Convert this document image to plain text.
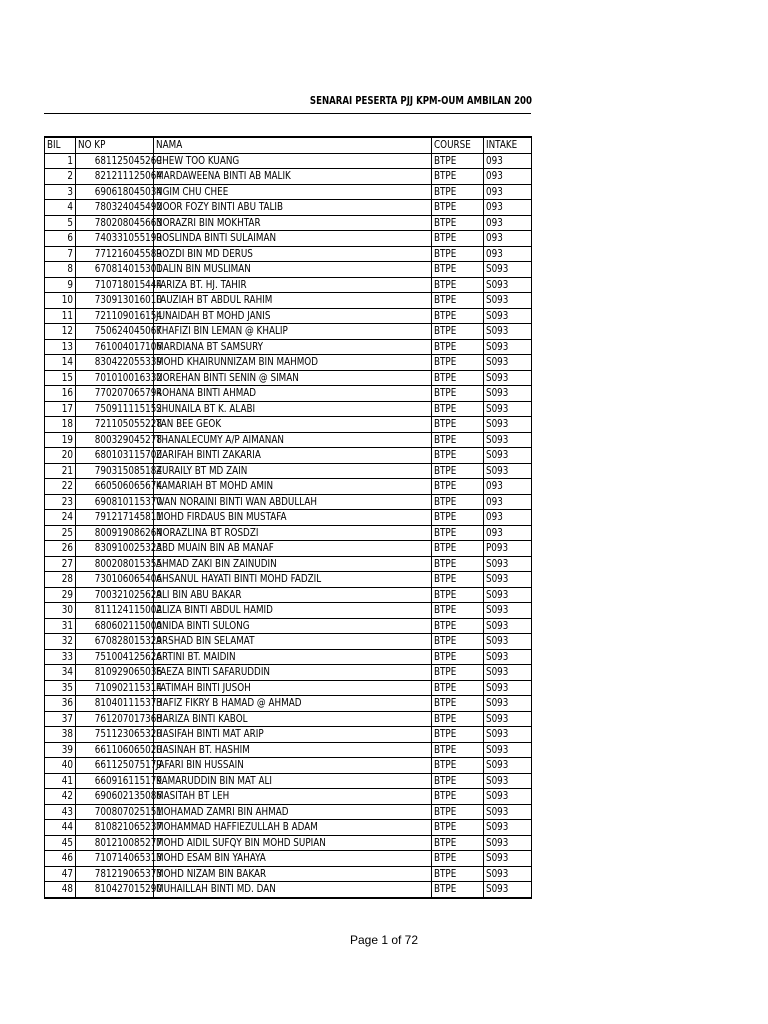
SENARAI PESERTA PJJ KPM-OUM AMBILAN 200
BIL	NO KP	NAMA	COURSE	INTAKE
1	681125045269	CHEW TOO KUANG	BTPE	093
2	821211125064	MARDAWEENA BINTI AB MALIK	BTPE	093
3	690618045034	NGIM CHU CHEE	BTPE	093
4	780324045492	NOOR FOZY BINTI ABU TALIB	BTPE	093
5	780208045663	NORAZRI BIN MOKHTAR	BTPE	093
6	740331055190	ROSLINDA BINTI SULAIMAN	BTPE	093
7	771216045589	ROZDI BIN MD DERUS	BTPE	093
8	670814015301	DALIN BIN MUSLIMAN	BTPE	S093
9	710718015444	FARIZA BT. HJ. TAHIR	BTPE	S093
10	730913016010	FAUZIAH BT ABDUL RAHIM	BTPE	S093
11	721109016154	JUNAIDAH BT MOHD JANIS	BTPE	S093
12	750624045067	KHAFIZI BIN LEMAN @ KHALIP	BTPE	S093
13	761004017106	MARDIANA BT SAMSURY	BTPE	S093
14	830422055339	MOHD KHAIRUNNIZAM BIN MAHMOD	BTPE	S093
15	701010016332	NOREHAN BINTI SENIN @ SIMAN	BTPE	S093
16	770207065794	ROHANA BINTI AHMAD	BTPE	S093
17	750911115152	SHUNAILA BT K. ALABI	BTPE	S093
18	721105055228	TAN BEE GEOK	BTPE	S093
19	800329045278	THANALECUMY A/P AIMANAN	BTPE	S093
20	680103115700	ZARIFAH BINTI ZAKARIA	BTPE	S093
21	790315085184	ZURAILY BT MD ZAIN	BTPE	S093
22	660506065674	KAMARIAH BT MOHD AMIN	BTPE	093
23	690810115370	WAN NORAINI BINTI WAN ABDULLAH	BTPE	093
24	791217145811	MOHD FIRDAUS BIN MUSTAFA	BTPE	093
25	800919086264	NORAZLINA BT ROSDZI	BTPE	093
26	830910025323	ABD MUAIN BIN AB MANAF	BTPE	P093
27	800208015355	AHMAD ZAKI BIN ZAINUDIN	BTPE	S093
28	730106065406	AHSANUL HAYATI BINTI MOHD FADZIL	BTPE	S093
29	700321025629	ALI BIN ABU BAKAR	BTPE	S093
30	811124115002	ALIZA BINTI ABDUL HAMID	BTPE	S093
31	680602115000	ANIDA BINTI SULONG	BTPE	S093
32	670828015329	ARSHAD BIN SELAMAT	BTPE	S093
33	751004125626	ARTINI BT. MAIDIN	BTPE	S093
34	810929065036	FAEZA BINTI SAFARUDDIN	BTPE	S093
35	710902115314	FATIMAH BINTI JUSOH	BTPE	S093
36	810401115373	HAFIZ FIKRY B HAMAD @ AHMAD	BTPE	S093
37	761207017368	HARIZA BINTI KABOL	BTPE	S093
38	751123065320	HASIFAH BINTI MAT ARIP	BTPE	S093
39	661106065020	HASINAH BT. HASHIM	BTPE	S093
40	661125075179	JAFARI BIN HUSSAIN	BTPE	S093
41	660916115179	KAMARUDDIN BIN MAT ALI	BTPE	S093
42	690602135086	MASITAH BT LEH	BTPE	S093
43	700807025151	MOHAMAD ZAMRI BIN AHMAD	BTPE	S093
44	810821065237	MOHAMMAD HAFFIEZULLAH B ADAM	BTPE	S093
45	801210085277	MOHD AIDIL SUFQY BIN MOHD SUPIAN	BTPE	S093
46	710714065313	MOHD ESAM BIN YAHAYA	BTPE	S093
47	781219065373	MOHD NIZAM BIN BAKAR	BTPE	S093
48	810427015290	MUHAILLAH BINTI MD. DAN	BTPE	S093
Page 1 of 72
